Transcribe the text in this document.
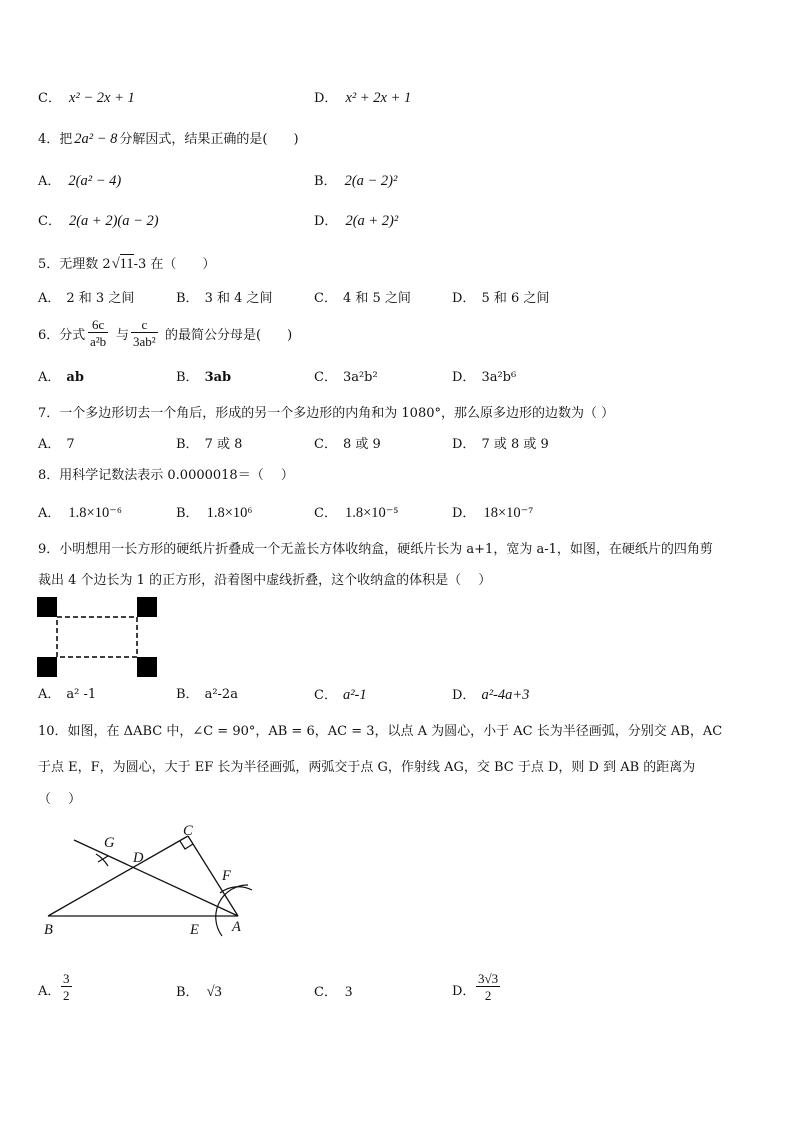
C． x² − 2x + 1	D． x² + 2x + 1
4．把 2a² − 8 分解因式，结果正确的是(　　)
A． 2(a² − 4)	B． 2(a − 2)²
C． 2(a + 2)(a − 2)	D． 2(a + 2)²
5．无理数 2√11-3 在（　　）
A． 2 和 3 之间	B． 3 和 4 之间	C． 4 和 5 之间	D． 5 和 6 之间
6．分式 $\frac{6c}{\text{a²b}}$ 与 $\frac{c}{\text{3ab²}}$ 的最简公分母是(　　)
A． ab	B． 3ab	C． 3a²b²	D． 3a²b⁶
7．一个多边形切去一个角后，形成的另一个多边形的内角和为 1080°，那么原多边形的边数为（ ）
A． 7	B． 7 或 8	C． 8 或 9	D． 7 或 8 或 9
8．用科学记数法表示 0.0000018＝（　 ）
A． 1.8×10⁻⁶	B． 1.8×10⁶	C． 1.8×10⁻⁵	D． 18×10⁻⁷
9．小明想用一长方形的硬纸片折叠成一个无盖长方体收纳盒，硬纸片长为 a+1，宽为 a-1，如图，在硬纸片的四角剪
裁出 4 个边长为 1 的正方形，沿着图中虚线折叠，这个收纳盒的体积是（　 ）
A． a² -1	B． a²-2a	C． a²-1	D． a²-4a+3
10．如图，在 ΔABC 中，∠C = 90°，AB = 6，AC = 3，以点 A 为圆心，小于 AC 长为半径画弧，分别交 AB，AC
于点 E，F，为圆心，大于 EF 长为半径画弧，两弧交于点 G，作射线 AG，交 BC 于点 D，则 D 到 AB 的距离为
（　 ）
G
C
D
F
B	E A
A． $\frac{3}{2}$	B． √3	C． 3	D． $\frac{3√3}{2}$
